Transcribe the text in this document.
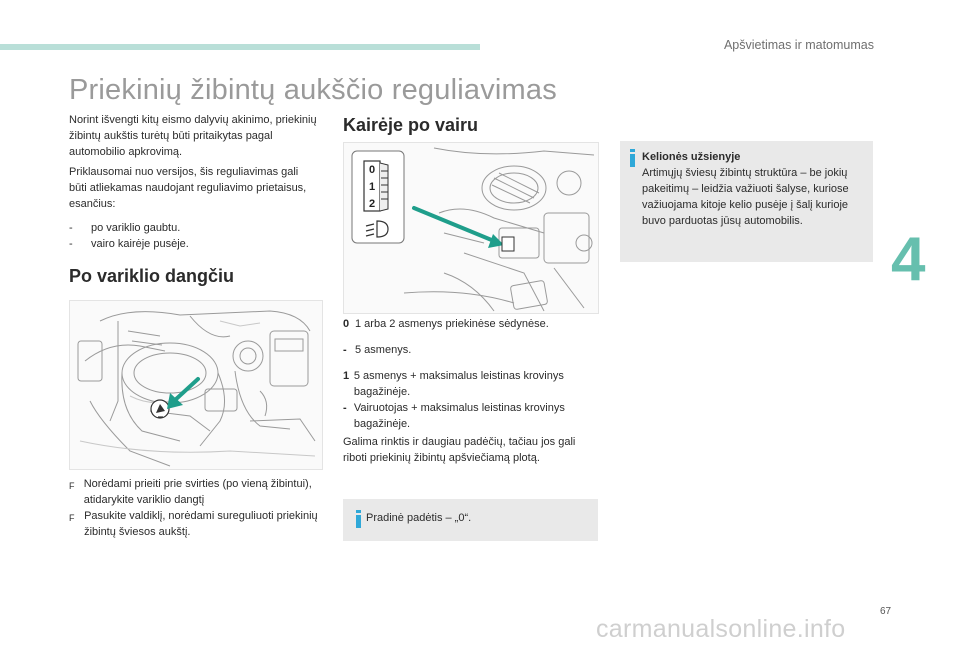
Apšvietimas ir matomumas
Priekinių žibintų aukščio reguliavimas
Norint išvengti kitų eismo dalyvių akinimo, priekinių žibintų aukštis turėtų būti pritaikytas pagal automobilio apkrovimą.
Priklausomai nuo versijos, šis reguliavimas gali būti atliekamas naudojant reguliavimo prietaisus, esančius:
-	po variklio gaubtu.
-	vairo kairėje pusėje.
Po variklio dangčiu
F Norėdami prieiti prie svirties (po vieną žibintui), atidarykite variklio dangtį
F Pasukite valdiklį, norėdami sureguliuoti priekinių žibintų šviesos aukštį.
Kairėje po vairu
0
1
2
0 1 arba 2 asmenys priekinėse sėdynėse.
- 5 asmenys.
1 5 asmenys + maksimalus leistinas krovinys bagažinėje.
- Vairuotojas + maksimalus leistinas krovinys bagažinėje.
Galima rinktis ir daugiau padėčių, tačiau jos gali riboti priekinių žibintų apšviečiamą plotą.
Pradinė padėtis – „0“.
Kelionės užsienyje
Artimųjų šviesų žibintų struktūra – be jokių pakeitimų – leidžia važiuoti šalyse, kuriose važiuojama kitoje kelio pusėje į šalį kurioje buvo parduotas jūsų automobilis.
4
67
carmanualsonline.info
